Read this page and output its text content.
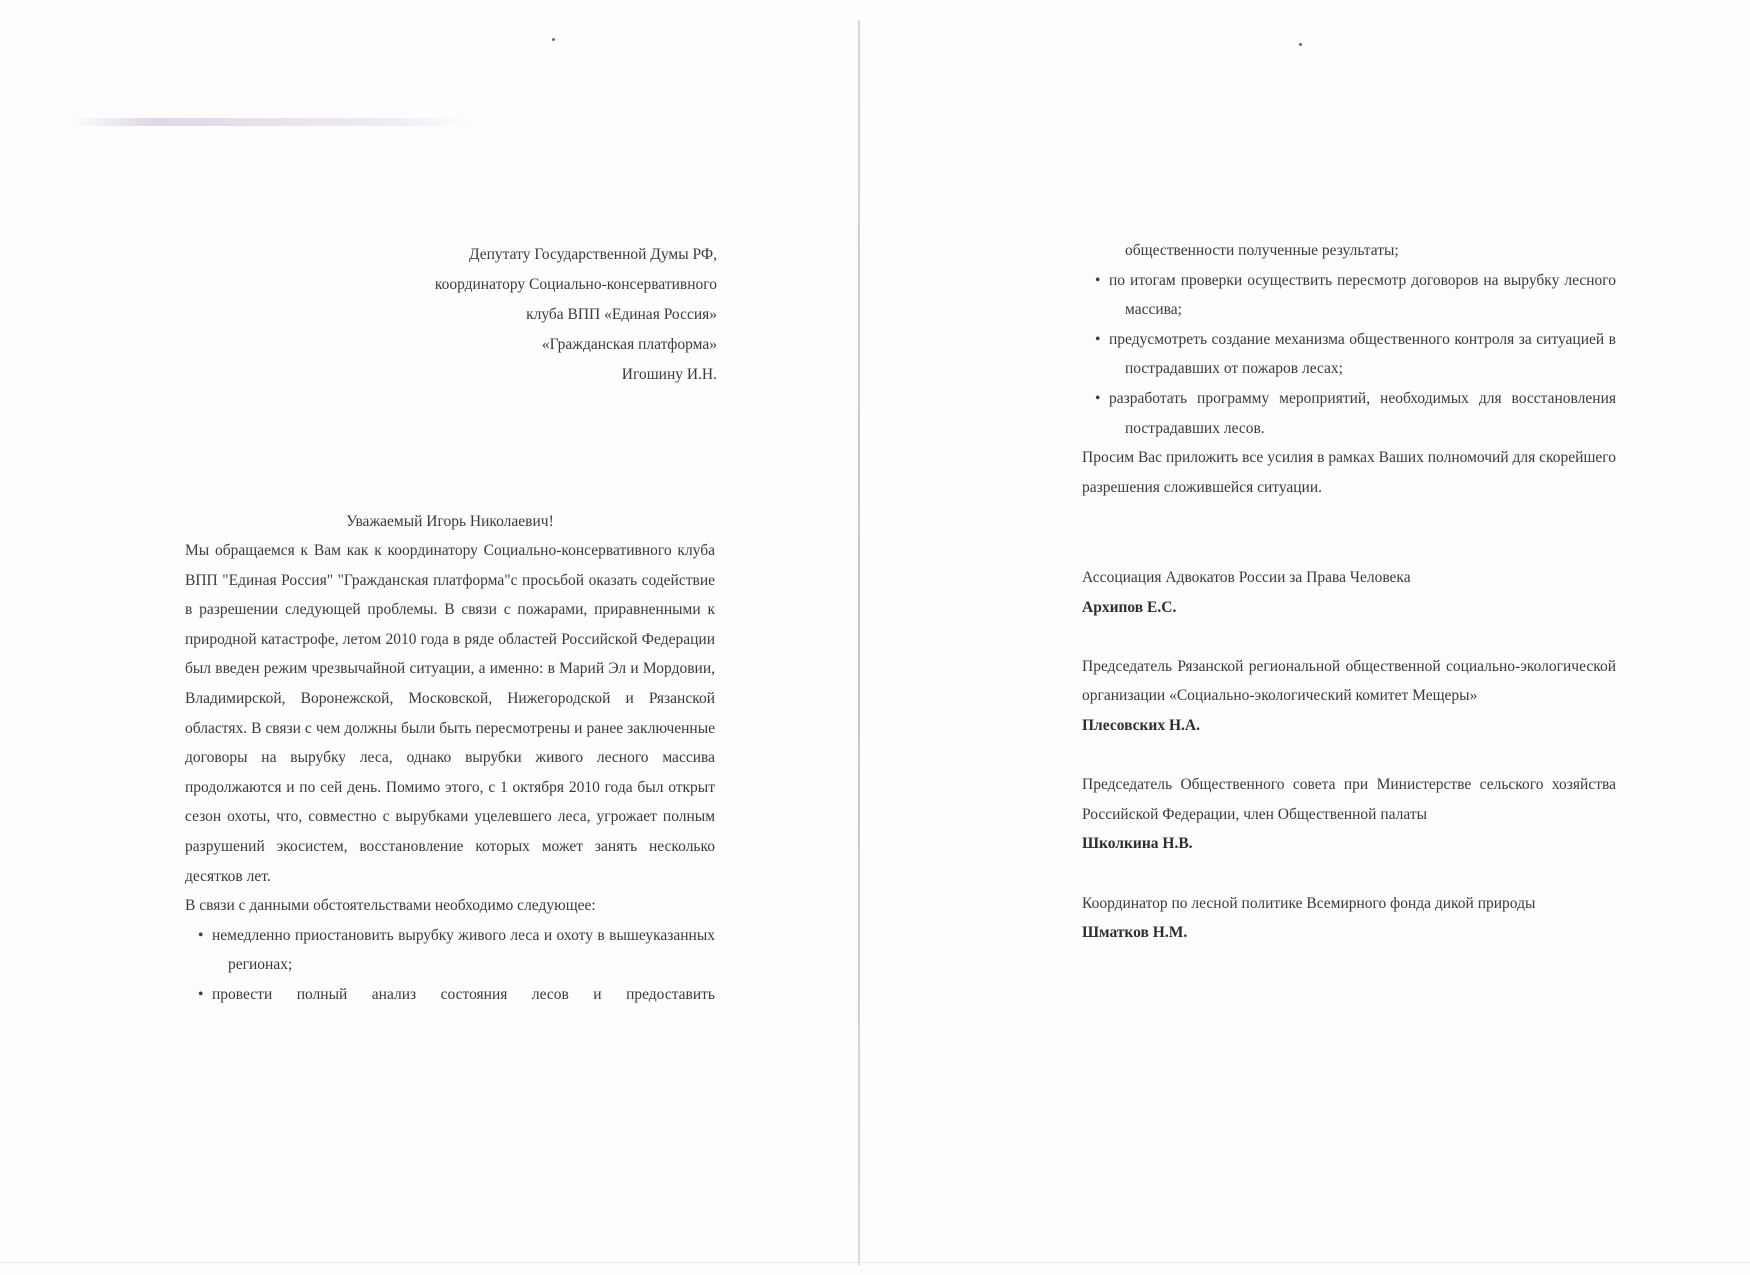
Депутату Государственной Думы РФ,
координатору Социально-консервативного
клуба ВПП «Единая Россия»
«Гражданская платформа»
Игошину И.Н.
Уважаемый Игорь Николаевич!

Мы обращаемся к Вам как к координатору Социально-консервативного клуба ВПП "Единая Россия" "Гражданская платформа"с просьбой оказать содействие в разрешении следующей проблемы. В связи с пожарами, приравненными к природной катастрофе, летом 2010 года в ряде областей Российской Федерации был введен режим чрезвычайной ситуации, а именно: в Марий Эл и Мордовии, Владимирской, Воронежской, Московской, Нижегородской и Рязанской областях. В связи с чем должны были быть пересмотрены и ранее заключенные договоры на вырубку леса, однако вырубки живого лесного массива продолжаются и по сей день. Помимо этого, с 1 октября 2010 года был открыт сезон охоты, что, совместно с вырубками уцелевшего леса, угрожает полным разрушений экосистем, восстановление которых может занять несколько десятков лет.

В связи с данными обстоятельствами необходимо следующее:

• немедленно приостановить вырубку живого леса и охоту в вышеуказанных регионах;
• провести полный анализ состояния лесов и предоставить
общественности полученные результаты;
• по итогам проверки осуществить пересмотр договоров на вырубку лесного массива;
• предусмотреть создание механизма общественного контроля за ситуацией в пострадавших от пожаров лесах;
• разработать программу мероприятий, необходимых для восстановления пострадавших лесов.

Просим Вас приложить все усилия в рамках Ваших полномочий для скорейшего разрешения сложившейся ситуации.

Ассоциация Адвокатов России за Права Человека
Архипов Е.С.
Председатель Рязанской региональной общественной социально-экологической организации «Социально-экологический комитет Мещеры»
Плесовских Н.А.
Председатель Общественного совета при Министерстве сельского хозяйства Российской Федерации, член Общественной палаты
Школкина Н.В.
Координатор по лесной политике Всемирного фонда дикой природы
Шматков Н.М.
